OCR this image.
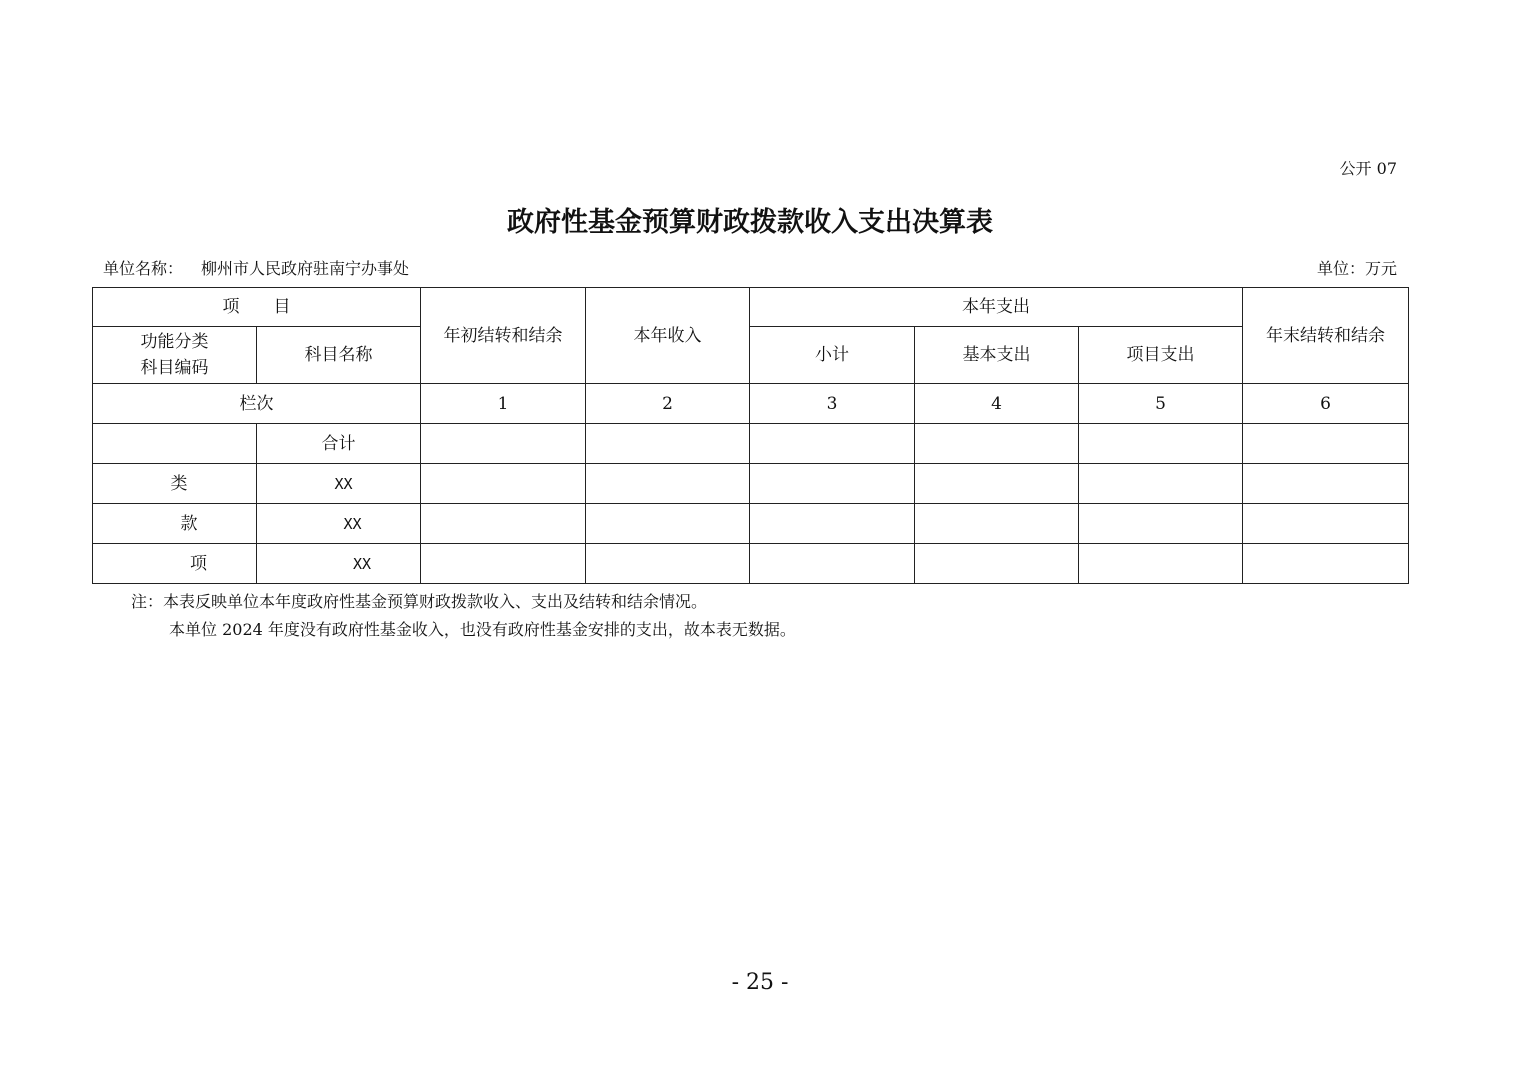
公开 07
政府性基金预算财政拨款收入支出决算表
单位名称： 柳州市人民政府驻南宁办事处	单位：万元
项　　目		年初结转和结余	本年收入	本年支出			年末结转和结余

功能分类
科目编码	科目名称			小计	基本支出	项目支出	
栏次		1	2	3	4	5	6
	合计						
类	XX						
款	XX						
项	XX						
注：本表反映单位本年度政府性基金预算财政拨款收入、支出及结转和结余情况。
本单位 2024 年度没有政府性基金收入，也没有政府性基金安排的支出，故本表无数据。
- 25 -
